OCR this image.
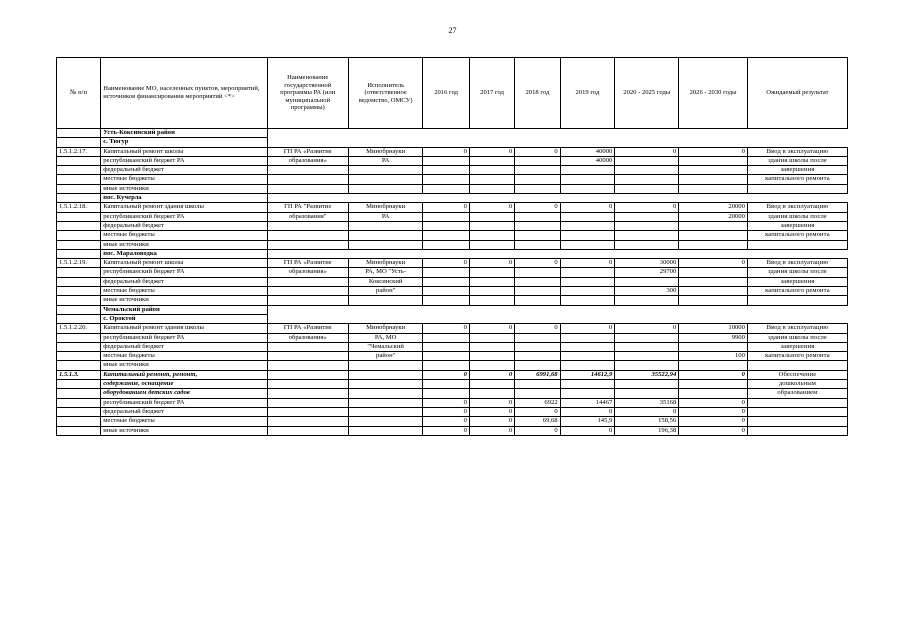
27
№ п/п	Наименование МО, населенных пунктов, мероприятий, источников финансирования мероприятий <*>	Наименование государственной программы РА (или муниципальной программы)	Исполнитель (ответственное ведомство, ОМСУ)	2016 год	2017 год	2018 год	2019 год	2020 - 2025 годы	2026 - 2030 годы	Ожидаемый результат
	Усть-Коксинский район									
	с. Тюгур									
1.5.1.2.17.	Капитальный ремонт школы	ГП РА «Развитие	Минобрнауки	0	0	0	40000	0	0	Ввод в эксплуатацию
	республиканский бюджет РА	образования»	РА				40000			здания школы после
	федеральный бюджет									завершения
	местные бюджеты									капитального ремонта
	иные источники									
	пос. Кучерла									
1.5.1.2.18.	Капитальный ремонт здания школы	ГП РА "Развитие	Минобрнауки	0	0	0	0	0	20000	Ввод в эксплуатацию
	республиканский бюджет РА	образования"	РА						20000	здания школы после
	федеральный бюджет									завершения
	местные бюджеты									капитального ремонта
	иные источники									
	пос. Мараловодка									
1.5.1.2.19.	Капитальный ремонт школы	ГП РА «Развитие	Минобрнауки	0	0	0	0	30000	0	Ввод в эксплуатацию
	республиканский бюджет РА	образования»	РА, МО "Усть-					29700		здания школы после
	федеральный бюджет		Коксинский							завершения
	местные бюджеты		район"					300		капитального ремонта
	иные источники									
	Чемальский район									
	с. Ороктой									
1.5.1.2.20.	Капитальный ремонт здания школы	ГП РА «Развитие	Минобрнауки	0	0	0	0	0	10000	Ввод в эксплуатацию
	республиканский бюджет РА	образования»	РА, МО						9900	здания школы после
	федеральный бюджет		"Чемальский							завершения
	местные бюджеты		район"						100	капитального ремонта
	иные источники									
1.5.1.3.	Капитальный ремонт, ремонт,			0	0	6991,68	14612,9	35522,94	0	Обеспечение
	содержание, оснащение									дошкольным
	оборудованием детских садов									образованием
	республиканский бюджет РА			0	0	6922	14467	35168	0	
	федеральный бюджет			0	0	0	0	0	0	
	местные бюджеты			0	0	69,68	145,9	158,56	0	
	иные источники			0	0	0	0	196,38	0	
